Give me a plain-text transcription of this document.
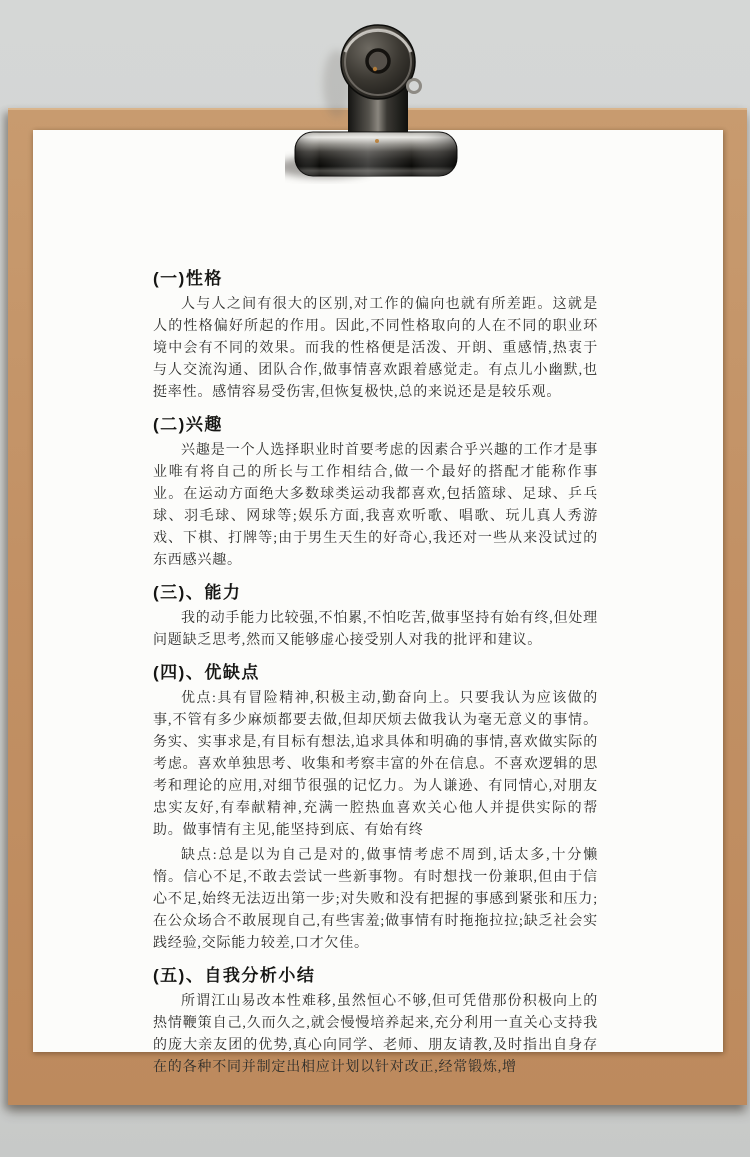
(一)性格

人与人之间有很大的区别,对工作的偏向也就有所差距。这就是人的性格偏好所起的作用。因此,不同性格取向的人在不同的职业环境中会有不同的效果。而我的性格便是活泼、开朗、重感情,热衷于与人交流沟通、团队合作,做事情喜欢跟着感觉走。有点儿小幽默,也挺率性。感情容易受伤害,但恢复极快,总的来说还是是较乐观。

(二)兴趣

兴趣是一个人选择职业时首要考虑的因素合乎兴趣的工作才是事业唯有将自己的所长与工作相结合,做一个最好的搭配才能称作事业。在运动方面绝大多数球类运动我都喜欢,包括篮球、足球、乒乓球、羽毛球、网球等;娱乐方面,我喜欢听歌、唱歌、玩儿真人秀游戏、下棋、打牌等;由于男生天生的好奇心,我还对一些从来没试过的东西感兴趣。

(三)、能力

我的动手能力比较强,不怕累,不怕吃苦,做事坚持有始有终,但处理问题缺乏思考,然而又能够虚心接受别人对我的批评和建议。

(四)、优缺点

优点:具有冒险精神,积极主动,勤奋向上。只要我认为应该做的事,不管有多少麻烦都要去做,但却厌烦去做我认为毫无意义的事情。务实、实事求是,有目标有想法,追求具体和明确的事情,喜欢做实际的考虑。喜欢单独思考、收集和考察丰富的外在信息。不喜欢逻辑的思考和理论的应用,对细节很强的记忆力。为人谦逊、有同情心,对朋友忠实友好,有奉献精神,充满一腔热血喜欢关心他人并提供实际的帮助。做事情有主见,能坚持到底、有始有终

缺点:总是以为自己是对的,做事情考虑不周到,话太多,十分懒惰。信心不足,不敢去尝试一些新事物。有时想找一份兼职,但由于信心不足,始终无法迈出第一步;对失败和没有把握的事感到紧张和压力;在公众场合不敢展现自己,有些害羞;做事情有时拖拖拉拉;缺乏社会实践经验,交际能力较差,口才欠佳。

(五)、自我分析小结

所谓江山易改本性难移,虽然恒心不够,但可凭借那份积极向上的热情鞭策自己,久而久之,就会慢慢培养起来,充分利用一直关心支持我的庞大亲友团的优势,真心向同学、老师、朋友请教,及时指出自身存在的各种不同并制定出相应计划以针对改正,经常锻炼,增
